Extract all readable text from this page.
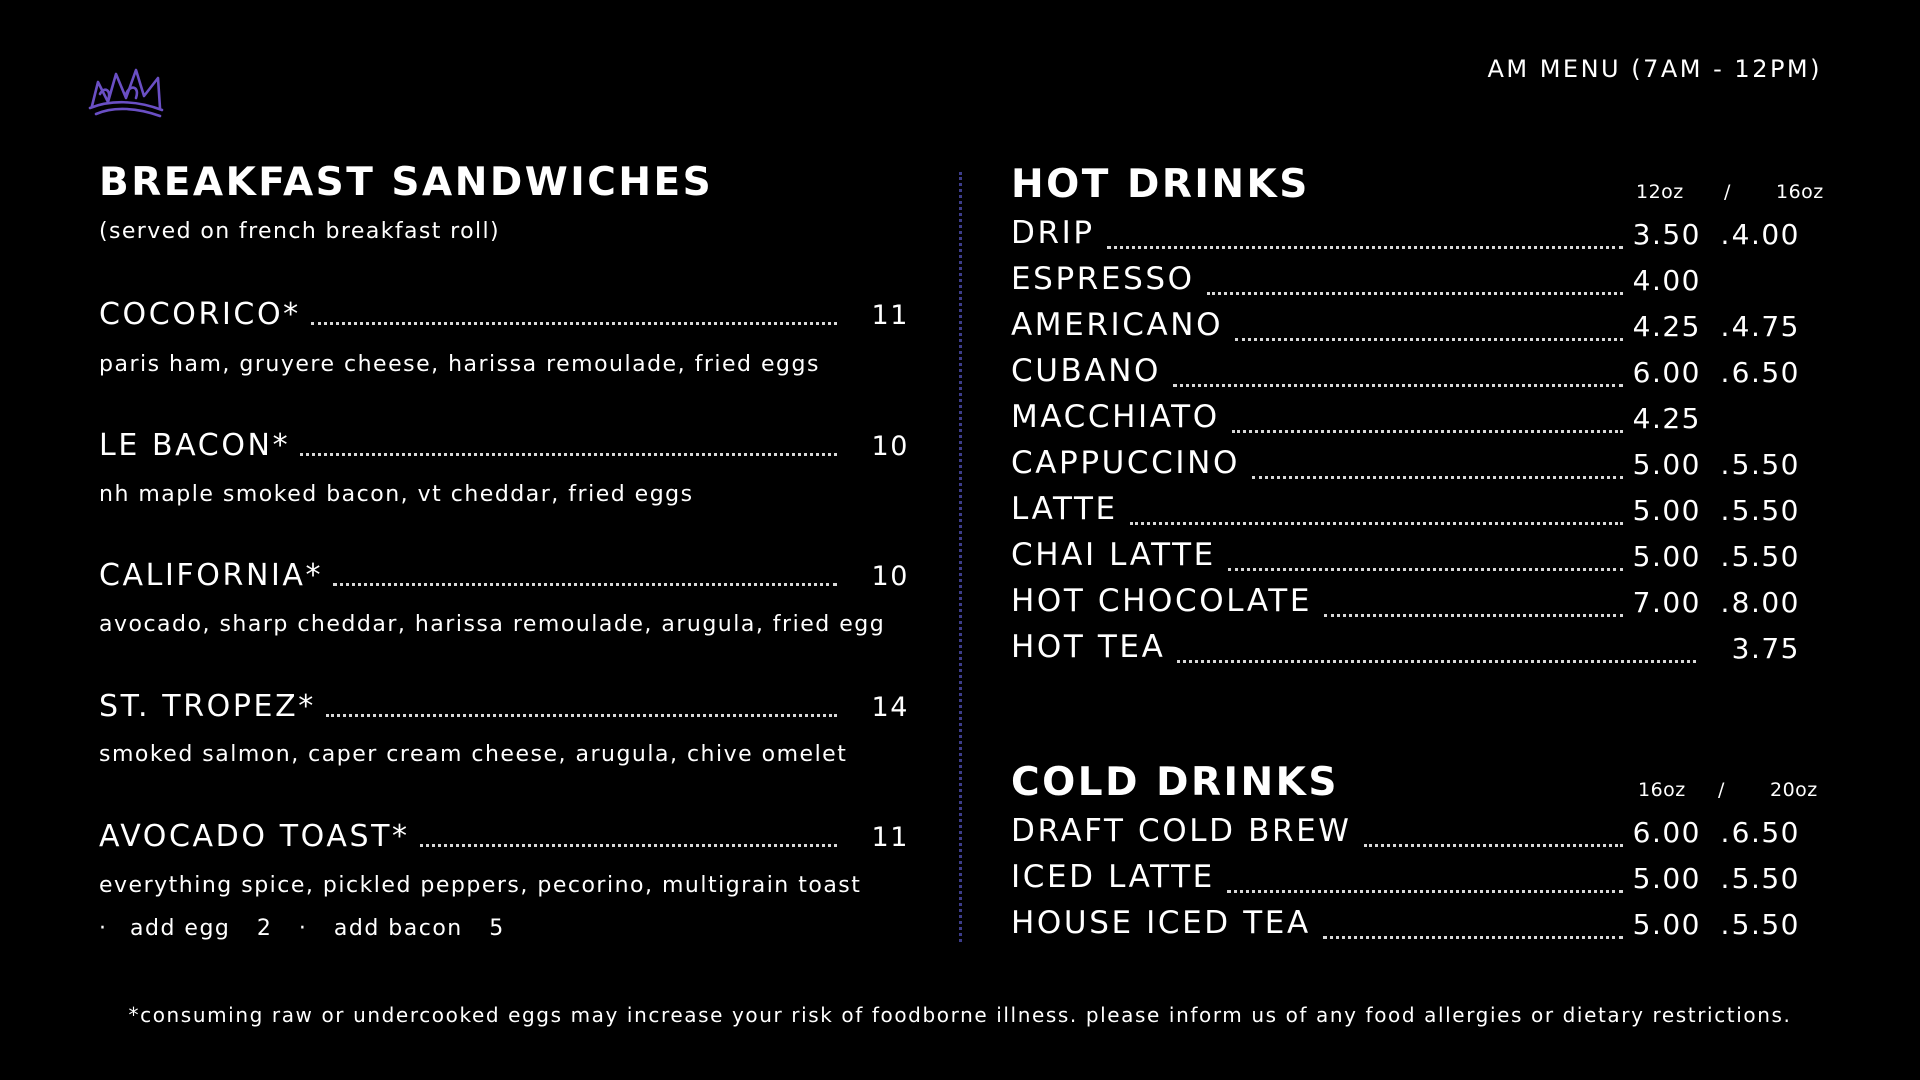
AM MENU (7AM - 12PM)
BREAKFAST SANDWICHES
(served on french breakfast roll)
COCORICO*	11
paris ham, gruyere cheese, harissa remoulade, fried eggs
LE BACON*	10
nh maple smoked bacon, vt cheddar, fried eggs
CALIFORNIA*	10
avocado, sharp cheddar, harissa remoulade, arugula, fried egg
ST. TROPEZ*	14
smoked salmon, caper cream cheese, arugula, chive omelet
AVOCADO TOAST*	11
everything spice, pickled peppers, pecorino, multigrain toast
· add egg 2 · add bacon 5
HOT DRINKS	12oz / 16oz
DRIP	3.50 . 4.00
ESPRESSO	4.00
AMERICANO	4.25 . 4.75
CUBANO	6.00 . 6.50
MACCHIATO	4.25
CAPPUCCINO	5.00 . 5.50
LATTE	5.00 . 5.50
CHAI LATTE	5.00 . 5.50
HOT CHOCOLATE	7.00 . 8.00
HOT TEA	3.75
COLD DRINKS	16oz / 20oz
DRAFT COLD BREW	6.00 . 6.50
ICED LATTE	5.00 . 5.50
HOUSE ICED TEA	5.00 . 5.50
*consuming raw or undercooked eggs may increase your risk of foodborne illness. please inform us of any food allergies or dietary restrictions.
